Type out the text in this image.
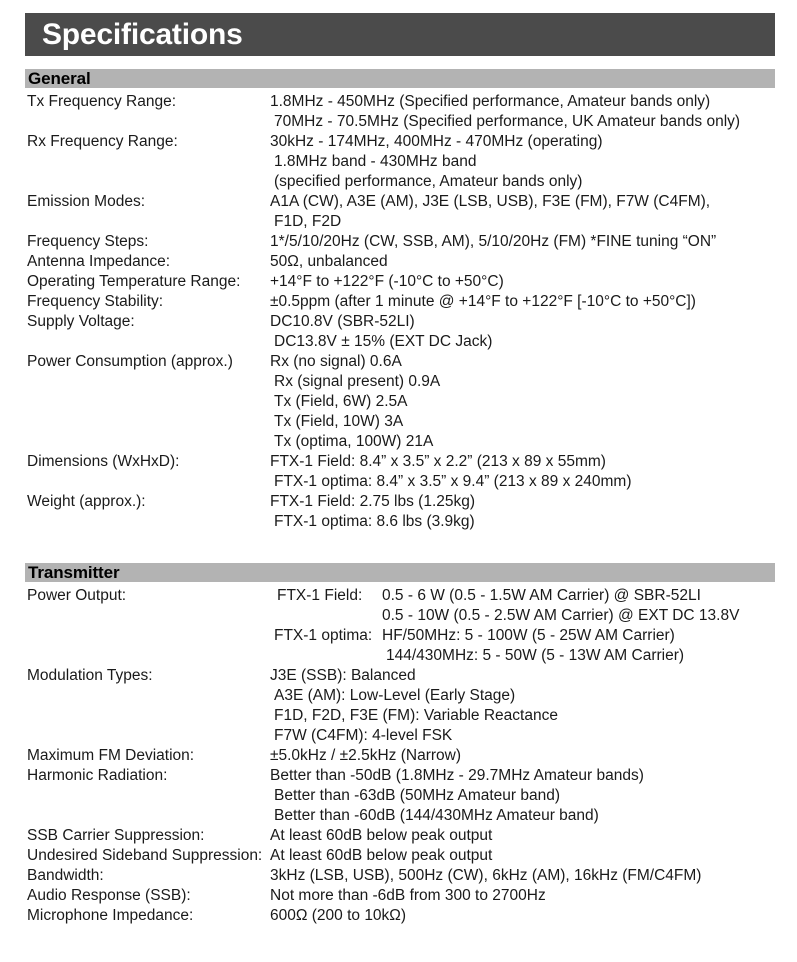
Specifications
General
Tx Frequency Range:	1.8MHz - 450MHz (Specified performance, Amateur bands only)
70MHz - 70.5MHz (Specified performance, UK Amateur bands only)
Rx Frequency Range:	30kHz - 174MHz, 400MHz - 470MHz (operating)
1.8MHz band - 430MHz band
(specified performance, Amateur bands only)
Emission Modes:	A1A (CW), A3E (AM), J3E (LSB, USB), F3E (FM), F7W (C4FM),
F1D, F2D
Frequency Steps:	1*/5/10/20Hz (CW, SSB, AM), 5/10/20Hz (FM) *FINE tuning “ON”
Antenna Impedance:	50Ω, unbalanced
Operating Temperature Range: +14°F to +122°F (-10°C to +50°C)
Frequency Stability:	±0.5ppm (after 1 minute @ +14°F to +122°F [-10°C to +50°C])
Supply Voltage:	DC10.8V (SBR-52LI)
DC13.8V ± 15% (EXT DC Jack)
Power Consumption (approx.) Rx (no signal) 0.6A
Rx (signal present) 0.9A
Tx (Field, 6W) 2.5A
Tx (Field, 10W) 3A
Tx (optima, 100W) 21A
Dimensions (WxHxD):	FTX-1 Field: 8.4” x 3.5” x 2.2” (213 x 89 x 55mm)
FTX-1 optima: 8.4” x 3.5” x 9.4” (213 x 89 x 240mm)
Weight (approx.):	FTX-1 Field: 2.75 lbs (1.25kg)
FTX-1 optima: 8.6 lbs (3.9kg)
Transmitter
Power Output:	FTX-1 Field: 0.5 - 6 W (0.5 - 1.5W AM Carrier) @ SBR-52LI
0.5 - 10W (0.5 - 2.5W AM Carrier) @ EXT DC 13.8V
FTX-1 optima: HF/50MHz: 5 - 100W (5 - 25W AM Carrier)
144/430MHz: 5 - 50W (5 - 13W AM Carrier)
Modulation Types:	J3E (SSB): Balanced
A3E (AM): Low-Level (Early Stage)
F1D, F2D, F3E (FM): Variable Reactance
F7W (C4FM): 4-level FSK
Maximum FM Deviation:	±5.0kHz / ±2.5kHz (Narrow)
Harmonic Radiation:	Better than -50dB (1.8MHz - 29.7MHz Amateur bands)
Better than -63dB (50MHz Amateur band)
Better than -60dB (144/430MHz Amateur band)
SSB Carrier Suppression:	At least 60dB below peak output
Undesired Sideband Suppression: At least 60dB below peak output
Bandwidth:	3kHz (LSB, USB), 500Hz (CW), 6kHz (AM), 16kHz (FM/C4FM)
Audio Response (SSB):	Not more than -6dB from 300 to 2700Hz
Microphone Impedance:	600Ω (200 to 10kΩ)
